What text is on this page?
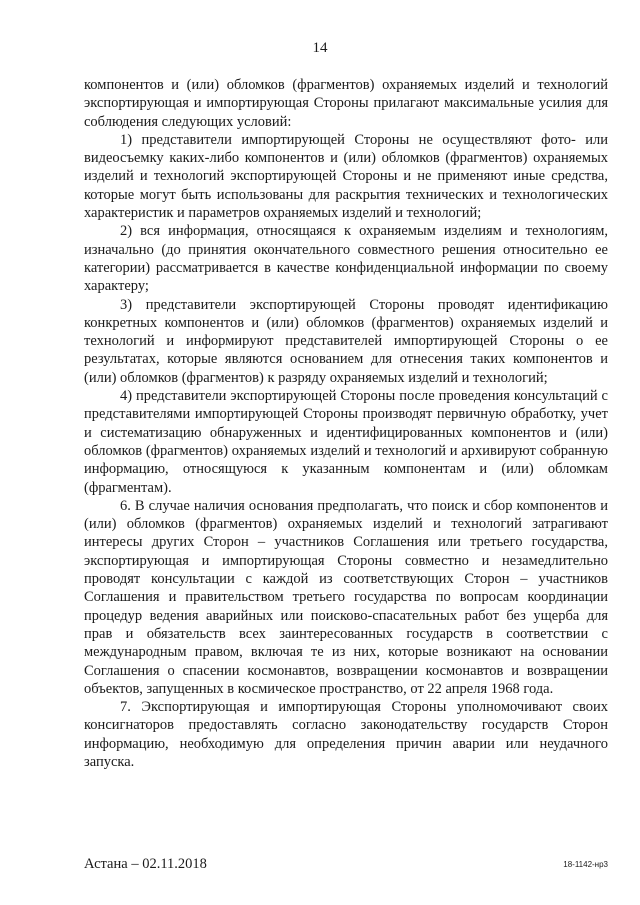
14

компонентов и (или) обломков (фрагментов) охраняемых изделий и технологий экспортирующая и импортирующая Стороны прилагают максимальные усилия для соблюдения следующих условий:

1) представители импортирующей Стороны не осуществляют фото- или видеосъемку каких-либо компонентов и (или) обломков (фрагментов) охраняемых изделий и технологий экспортирующей Стороны и не применяют иные средства, которые могут быть использованы для раскрытия технических и технологических характеристик и параметров охраняемых изделий и технологий;

2) вся информация, относящаяся к охраняемым изделиям и технологиям, изначально (до принятия окончательного совместного решения относительно ее категории) рассматривается в качестве конфиденциальной информации по своему характеру;

3) представители экспортирующей Стороны проводят идентификацию конкретных компонентов и (или) обломков (фрагментов) охраняемых изделий и технологий и информируют представителей импортирующей Стороны о ее результатах, которые являются основанием для отнесения таких компонентов и (или) обломков (фрагментов) к разряду охраняемых изделий и технологий;

4) представители экспортирующей Стороны после проведения консультаций с представителями импортирующей Стороны производят первичную обработку, учет и систематизацию обнаруженных и идентифицированных компонентов и (или) обломков (фрагментов) охраняемых изделий и технологий и архивируют собранную информацию, относящуюся к указанным компонентам и (или) обломкам (фрагментам).

6. В случае наличия основания предполагать, что поиск и сбор компонентов и (или) обломков (фрагментов) охраняемых изделий и технологий затрагивают интересы других Сторон – участников Соглашения или третьего государства, экспортирующая и импортирующая Стороны совместно и незамедлительно проводят консультации с каждой из соответствующих Сторон – участников Соглашения и правительством третьего государства по вопросам координации процедур ведения аварийных или поисково-спасательных работ без ущерба для прав и обязательств всех заинтересованных государств в соответствии с международным правом, включая те из них, которые возникают на основании Соглашения о спасении космонавтов, возвращении космонавтов и возвращении объектов, запущенных в космическое пространство, от 22 апреля 1968 года.

7. Экспортирующая и импортирующая Стороны уполномочивают своих консигнаторов предоставлять согласно законодательству государств Сторон информацию, необходимую для определения причин аварии или неудачного запуска.

Астана – 02.11.2018	18-1142-нр3
